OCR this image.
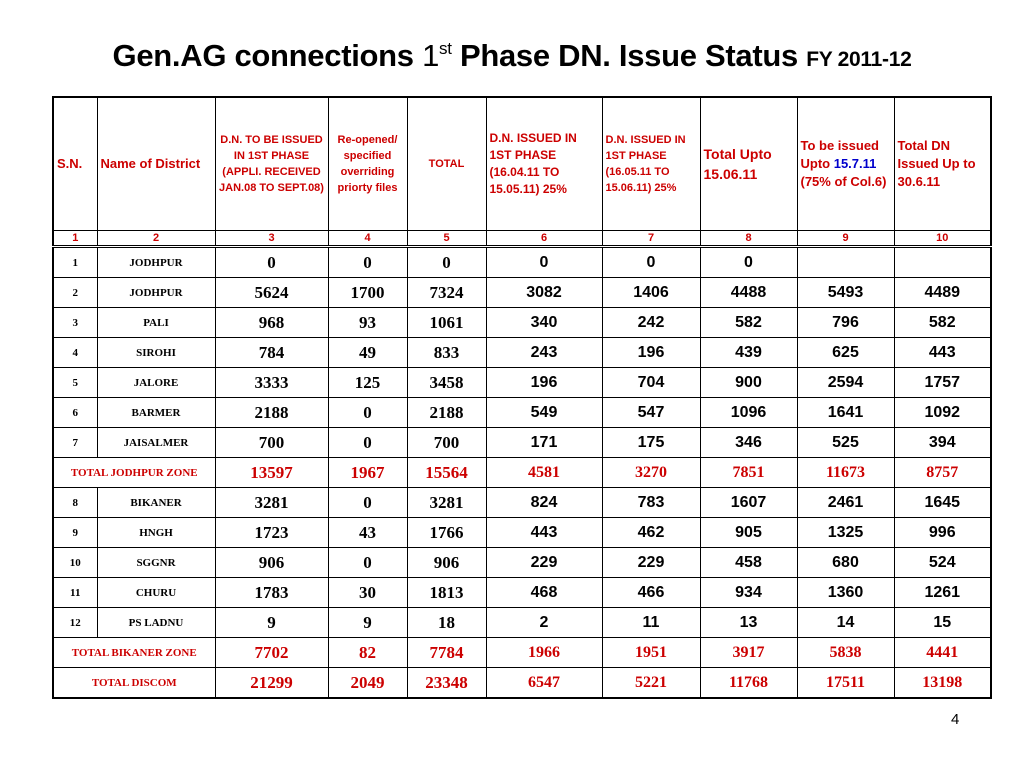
Gen.AG connections 1st Phase DN. Issue Status FY 2011-12
S.N.	Name of District	D.N. TO BE ISSUED IN 1ST PHASE (APPLI. RECEIVED JAN.08 TO SEPT.08)	Re-opened/ specified overriding priorty files	TOTAL	D.N. ISSUED IN 1ST PHASE (16.04.11 TO 15.05.11) 25%	D.N. ISSUED IN 1ST PHASE (16.05.11 TO 15.06.11) 25%	Total Upto 15.06.11	To be issued Upto 15.7.11 (75% of Col.6)	Total DN Issued Up to 30.6.11
1	2	3	4	5	6	7	8	9	10
1	JODHPUR	0	0	0	0	0	0		
2	JODHPUR	5624	1700	7324	3082	1406	4488	5493	4489
3	PALI	968	93	1061	340	242	582	796	582
4	SIROHI	784	49	833	243	196	439	625	443
5	JALORE	3333	125	3458	196	704	900	2594	1757
6	BARMER	2188	0	2188	549	547	1096	1641	1092
7	JAISALMER	700	0	700	171	175	346	525	394
TOTAL JODHPUR ZONE		13597	1967	15564	4581	3270	7851	11673	8757
8	BIKANER	3281	0	3281	824	783	1607	2461	1645
9	HNGH	1723	43	1766	443	462	905	1325	996
10	SGGNR	906	0	906	229	229	458	680	524
11	CHURU	1783	30	1813	468	466	934	1360	1261
12	PS LADNU	9	9	18	2	11	13	14	15
TOTAL BIKANER ZONE		7702	82	7784	1966	1951	3917	5838	4441
TOTAL DISCOM		21299	2049	23348	6547	5221	11768	17511	13198
4
